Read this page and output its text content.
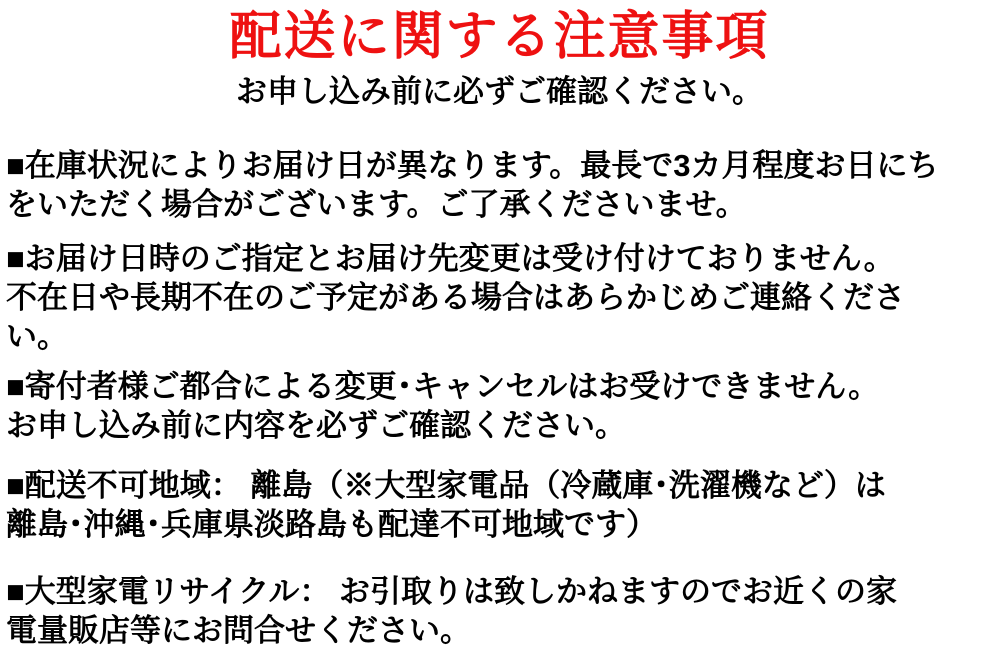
配送に関する注意事項
お申し込み前に必ずご確認ください。
■在庫状況によりお届け日が異なります。最長で3カ月程度お日にち
をいただく場合がございます。ご了承くださいませ。
■お届け日時のご指定とお届け先変更は受け付けておりません。
不在日や長期不在のご予定がある場合はあらかじめご連絡くださ
い。
■寄付者様ご都合による変更･キャンセルはお受けできません。
お申し込み前に内容を必ずご確認ください。
■配送不可地域： 離島（※大型家電品（冷蔵庫･洗濯機など）は
離島･沖縄･兵庫県淡路島も配達不可地域です）
■大型家電リサイクル： お引取りは致しかねますのでお近くの家
電量販店等にお問合せください。
